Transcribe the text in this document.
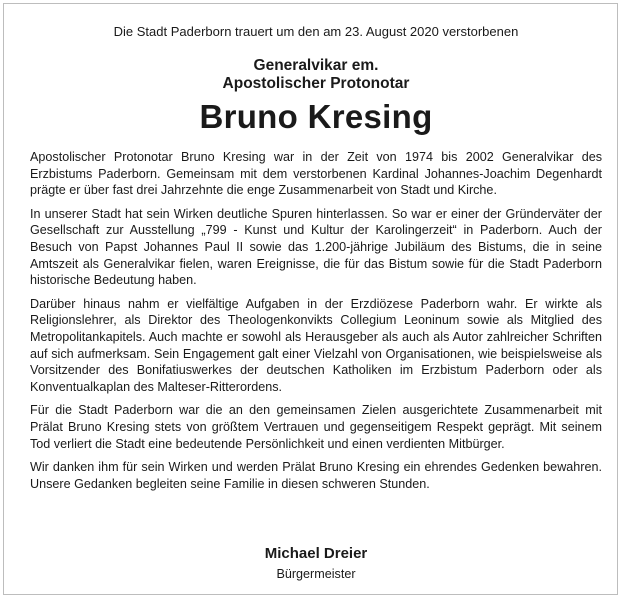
Die Stadt Paderborn trauert um den am 23. August 2020 verstorbenen
Generalvikar em.
Apostolischer Protonotar
Bruno Kresing

Apostolischer Protonotar Bruno Kresing war in der Zeit von 1974 bis 2002 Generalvikar des Erzbistums Paderborn. Gemeinsam mit dem verstorbenen Kardinal Johannes-Joachim Degenhardt prägte er über fast drei Jahrzehnte die enge Zusammenarbeit von Stadt und Kirche.

In unserer Stadt hat sein Wirken deutliche Spuren hinterlassen. So war er einer der Gründerväter der Gesellschaft zur Ausstellung „799 - Kunst und Kultur der Karolingerzeit“ in Paderborn. Auch der Besuch von Papst Johannes Paul II sowie das 1.200-jährige Jubiläum des Bistums, die in seine Amtszeit als Generalvikar fielen, waren Ereignisse, die für das Bistum sowie für die Stadt Paderborn historische Bedeutung haben.

Darüber hinaus nahm er vielfältige Aufgaben in der Erzdiözese Paderborn wahr. Er wirkte als Religionslehrer, als Direktor des Theologenkonvikts Collegium Leoninum sowie als Mitglied des Metropolitankapitels. Auch machte er sowohl als Herausgeber als auch als Autor zahlreicher Schriften auf sich aufmerksam. Sein Engagement galt einer Vielzahl von Organisationen, wie beispielsweise als Vorsitzender des Bonifatiuswerkes der deutschen Katholiken im Erzbistum Paderborn oder als Konventualkaplan des Malteser-Ritterordens.

Für die Stadt Paderborn war die an den gemeinsamen Zielen ausgerichtete Zusammenarbeit mit Prälat Bruno Kresing stets von größtem Vertrauen und gegenseitigem Respekt geprägt. Mit seinem Tod verliert die Stadt eine bedeutende Persönlichkeit und einen verdienten Mitbürger.

Wir danken ihm für sein Wirken und werden Prälat Bruno Kresing ein ehrendes Gedenken bewahren. Unsere Gedanken begleiten seine Familie in diesen schweren Stunden.

Michael Dreier
Bürgermeister
